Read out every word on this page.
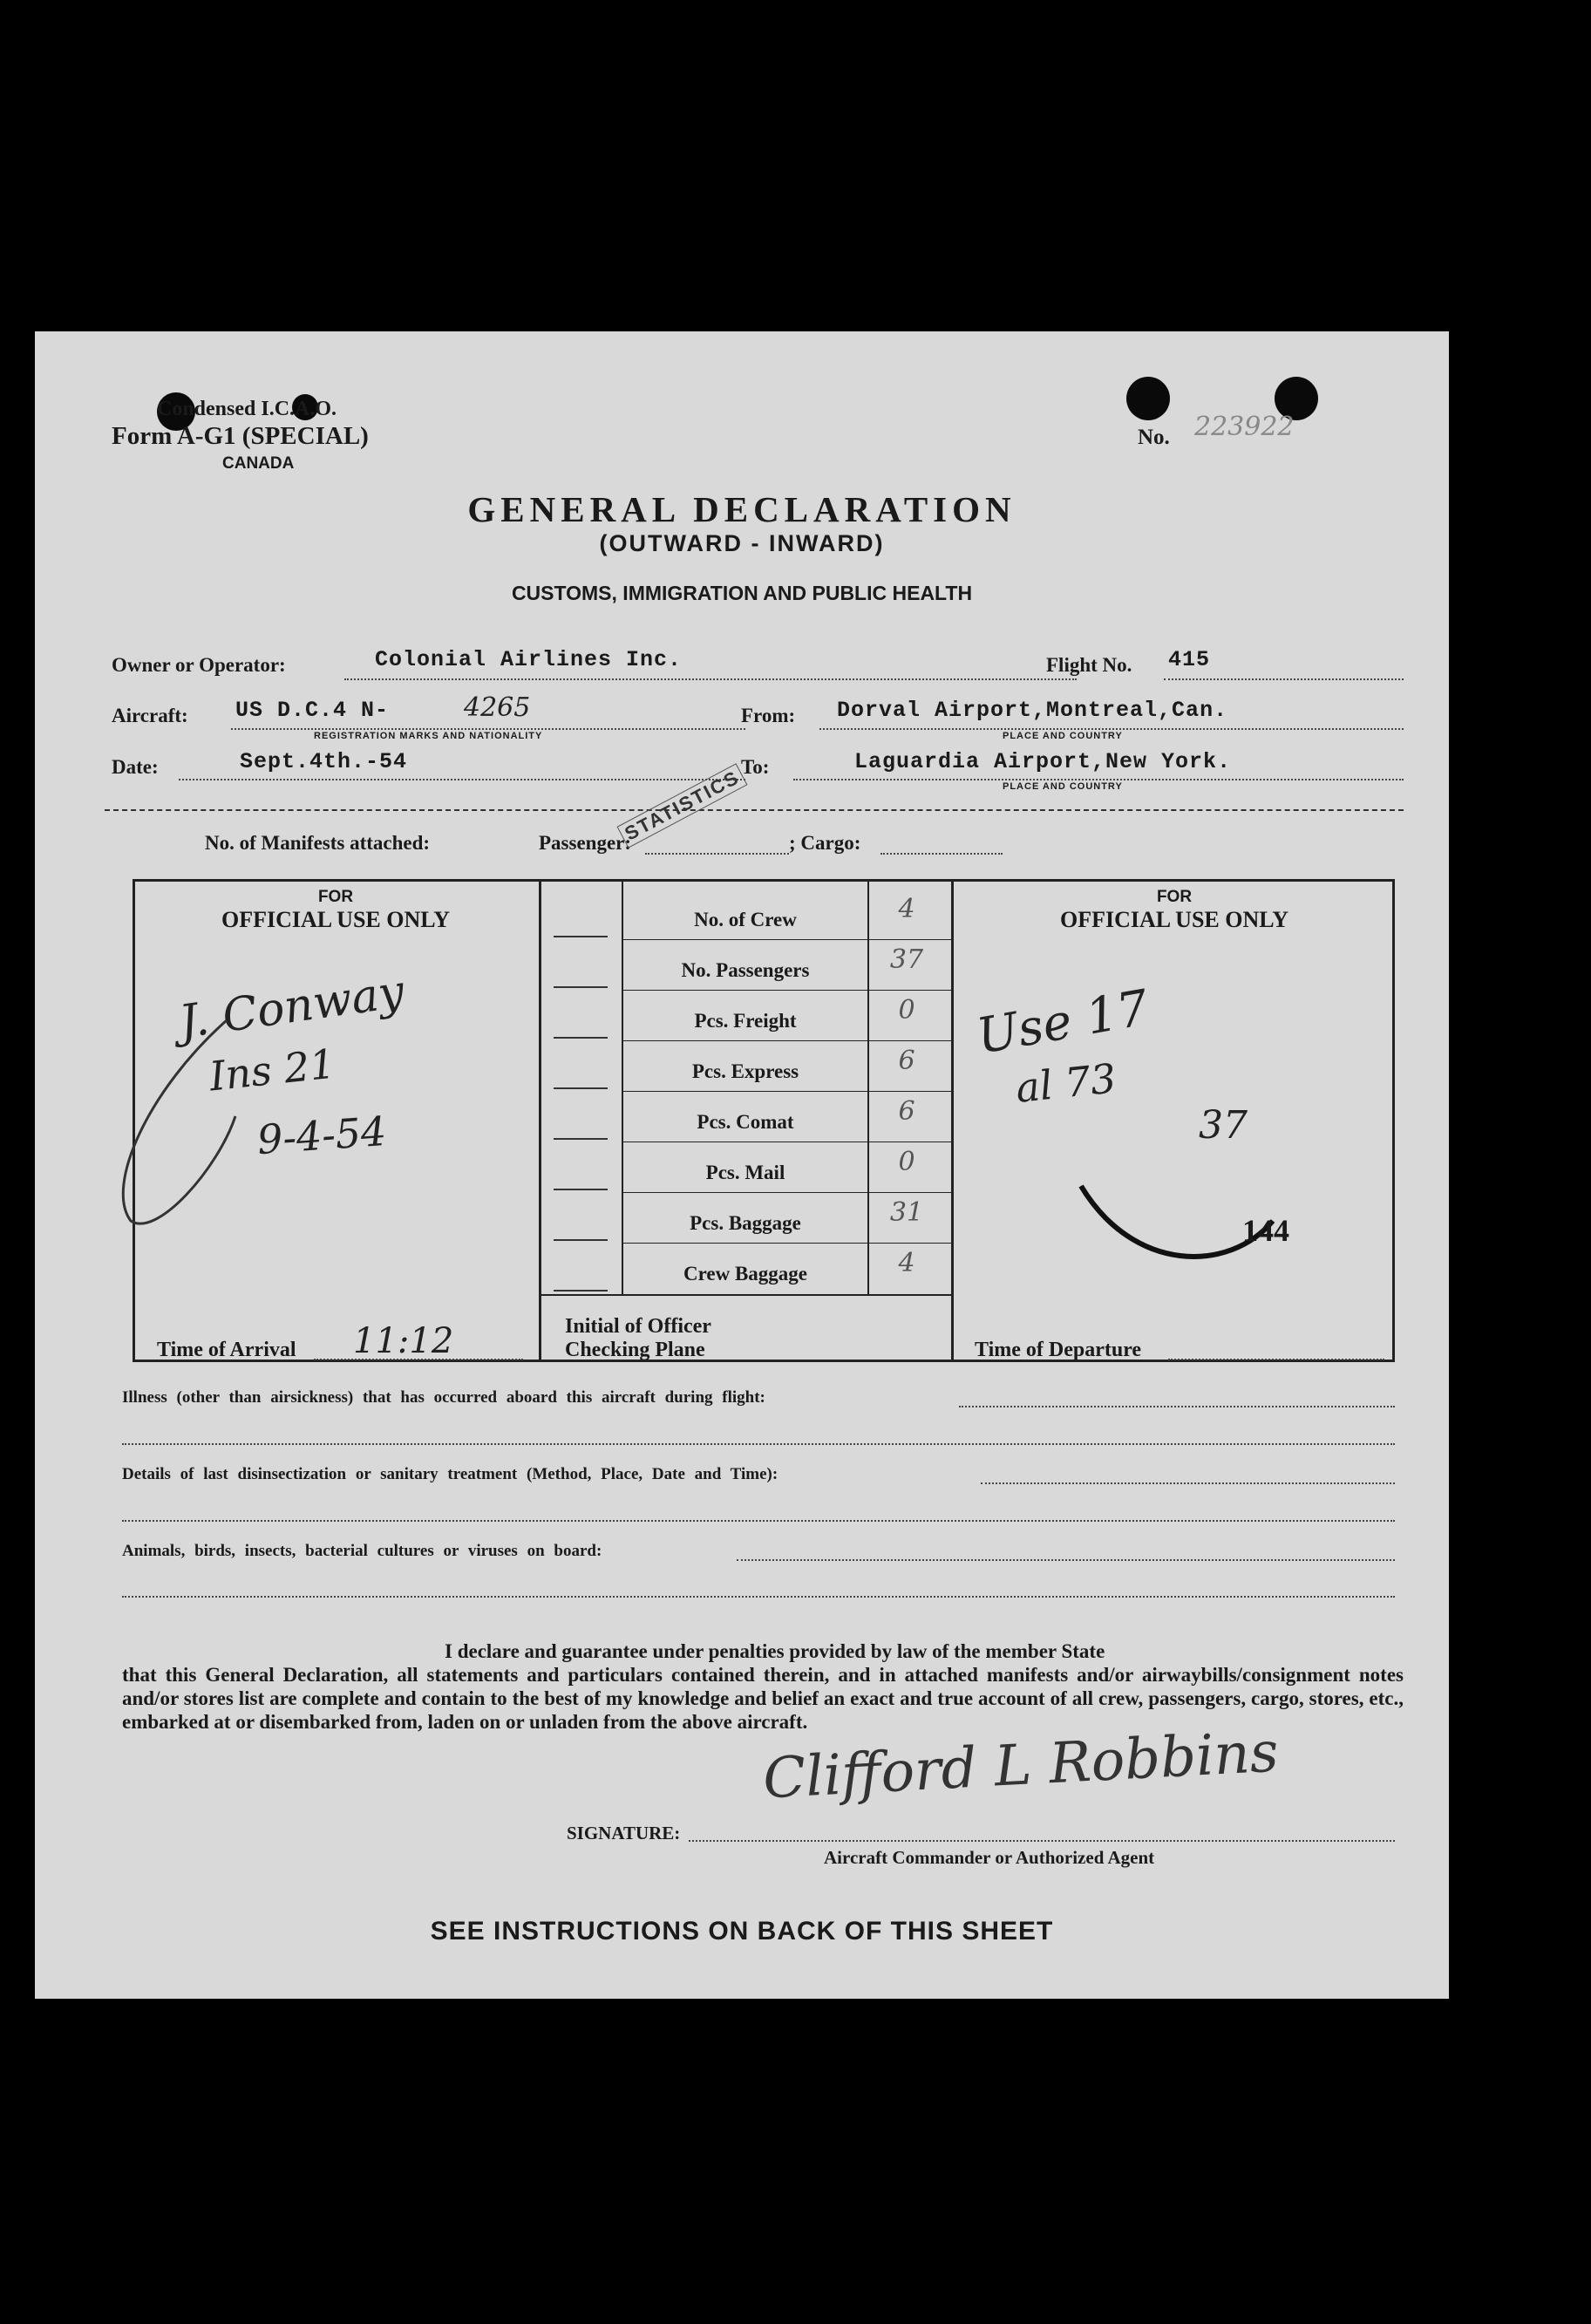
Condensed I.C.A.O.
Form A-G1 (SPECIAL)
CANADA
No. 223922
GENERAL DECLARATION
(OUTWARD - INWARD)
CUSTOMS, IMMIGRATION AND PUBLIC HEALTH
Owner or Operator:	Colonial Airlines Inc.	Flight No. 415
Aircraft: US D.C.4 N-	4265
REGISTRATION MARKS AND NATIONALITY
From: Dorval Airport,Montreal,Can.
PLACE AND COUNTRY
Date:	Sept.4th.-54	To:	Laguardia Airport,New York.
PLACE AND COUNTRY
No. of Manifests attached:	Passenger:	; Cargo:
STATISTICS
FOR
OFFICIAL USE ONLY
FOR
OFFICIAL USE ONLY
No. of Crew	4
No. Passengers	37
Pcs. Freight	0
Pcs. Express	6
Pcs. Comat	6
Pcs. Mail	0
Pcs. Baggage	31
Crew Baggage	4
J. Conway
Ins 21
9-4-54
Use 17
al 73
37
144
Time of Arrival 11:12	Initial of Officer
Checking Plane	Time of Departure
Illness (other than airsickness) that has occurred aboard this aircraft during flight:
Details of last disinsectization or sanitary treatment (Method, Place, Date and Time):
Animals, birds, insects, bacterial cultures or viruses on board:
I declare and guarantee under penalties provided by law of the member State
that this General Declaration, all statements and particulars contained therein, and in attached manifests and/or airwaybills/consignment notes and/or stores list are complete and contain to the best of my knowledge and belief an exact and true account of all crew, passengers, cargo, stores, etc., embarked at or disembarked from, laden on or unladen from the above aircraft.
Clifford L Robbins
SIGNATURE:
Aircraft Commander or Authorized Agent
SEE INSTRUCTIONS ON BACK OF THIS SHEET
